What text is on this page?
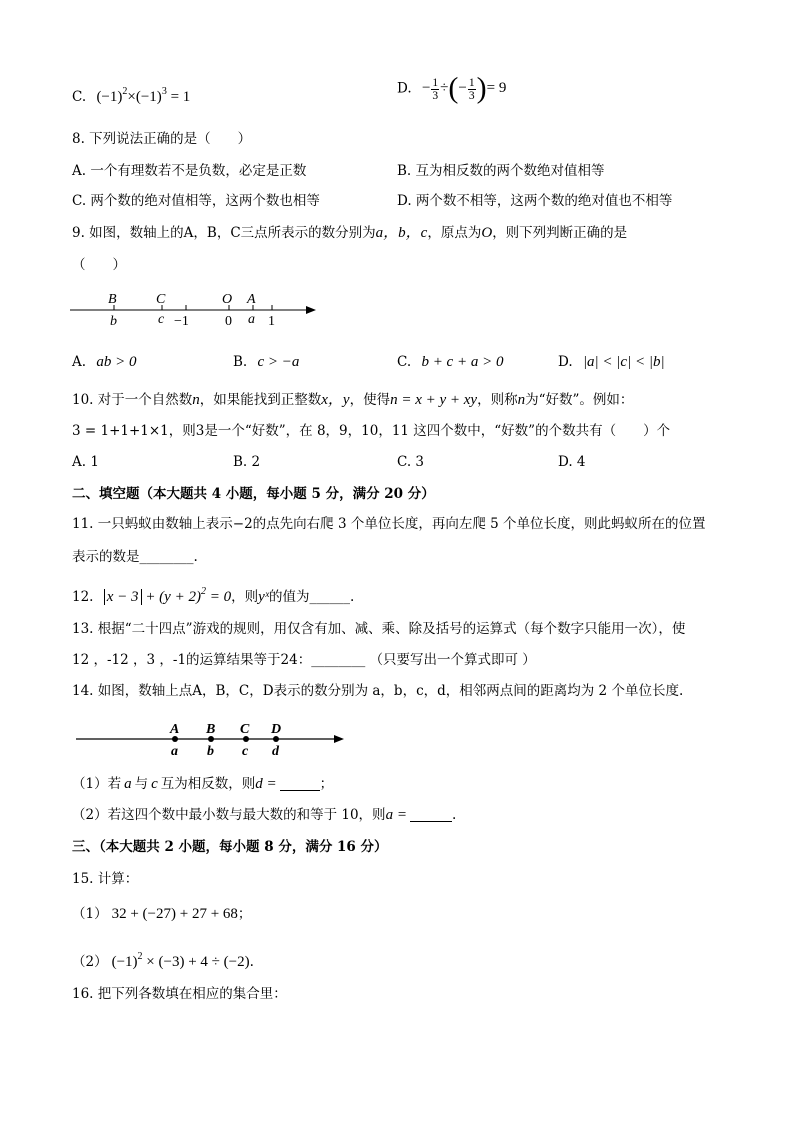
C. $(-1)^2\times(-1)^3 = 1$
D. − $\frac{1}{3}$ ÷(− $\frac{1}{3}$ )= 9
8. 下列说法正确的是（　　）
A. 一个有理数若不是负数，必定是正数	B. 互为相反数的两个数绝对值相等
C. 两个数的绝对值相等，这两个数也相等	D. 两个数不相等，这两个数的绝对值也不相等
9. 如图，数轴上的A，B，C三点所表示的数分别为a，b，c，原点为O，则下列判断正确的是
（　　）
B	C	O A
b	c −1	0 a 1
A. ab > 0	B. c > −a	C. b + c + a > 0	D. |a| < |c| < |b|
10. 对于一个自然数n，如果能找到正整数x，y，使得n = x + y + xy，则称n为“好数”。例如：
3 = 1+1+1×1，则3是一个“好数”，在 8，9，10，11 这四个数中，“好数”的个数共有（　　）个
A. 1	B. 2	C. 3	D. 4
二、填空题（本大题共 4 小题，每小题 5 分，满分 20 分）
11. 一只蚂蚁由数轴上表示−2的点先向右爬 3 个单位长度，再向左爬 5 个单位长度，则此蚂蚁所在的位置
表示的数是________.
12. $x - 3 + (y + 2)^2 = 0$，则yˣ的值为______.
13. 根据“二十四点”游戏的规则，用仅含有加、减、乘、除及括号的运算式（每个数字只能用一次），使
12 ，-12 ，3 ，-1的运算结果等于24：________ （只要写出一个算式即可 ）
14. 如图，数轴上点A，B，C，D表示的数分别为 a，b，c，d，相邻两点间的距离均为 2 个单位长度.
A B C D
a b c d
（1）若 a 与 c 互为相反数，则d =	；
（2）若这四个数中最小数与最大数的和等于 10，则a =	.
三、（本大题共 2 小题，每小题 8 分，满分 16 分）
15. 计算：
（1） 32 + (−27) + 27 + 68；
（2） $(-1)^2 \times (-3) + 4 \div (-2)$.
16. 把下列各数填在相应的集合里：
